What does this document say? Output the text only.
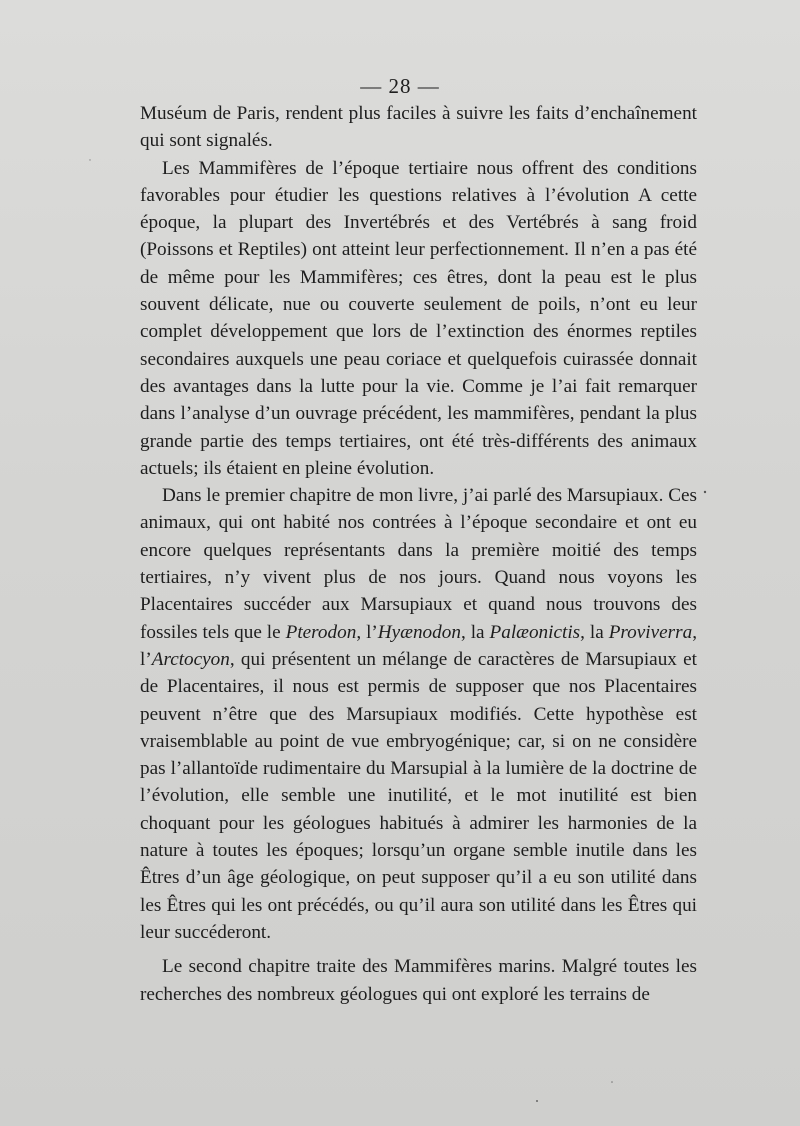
— 28 —

Muséum de Paris, rendent plus faciles à suivre les faits d’enchaînement qui sont signalés.

Les Mammifères de l’époque tertiaire nous offrent des conditions favorables pour étudier les questions relatives à l’évolution A cette époque, la plupart des Invertébrés et des Vertébrés à sang froid (Poissons et Reptiles) ont atteint leur perfectionnement. Il n’en a pas été de même pour les Mammifères; ces êtres, dont la peau est le plus souvent délicate, nue ou couverte seulement de poils, n’ont eu leur complet développement que lors de l’extinction des énormes reptiles secondaires auxquels une peau coriace et quelquefois cuirassée donnait des avantages dans la lutte pour la vie. Comme je l’ai fait remarquer dans l’analyse d’un ouvrage précédent, les mammifères, pendant la plus grande partie des temps tertiaires, ont été très-différents des animaux actuels; ils étaient en pleine évolution.

Dans le premier chapitre de mon livre, j’ai parlé des Marsupiaux. Ces animaux, qui ont habité nos contrées à l’époque secondaire et ont eu encore quelques représentants dans la première moitié des temps tertiaires, n’y vivent plus de nos jours. Quand nous voyons les Placentaires succéder aux Marsupiaux et quand nous trouvons des fossiles tels que le Pterodon, l’Hyænodon, la Palæonictis, la Proviverra, l’Arctocyon, qui présentent un mélange de caractères de Marsupiaux et de Placentaires, il nous est permis de supposer que nos Placentaires peuvent n’être que des Marsupiaux modifiés. Cette hypothèse est vraisemblable au point de vue embryogénique; car, si on ne considère pas l’allantoïde rudimentaire du Marsupial à la lumière de la doctrine de l’évolution, elle semble une inutilité, et le mot inutilité est bien choquant pour les géologues habitués à admirer les harmonies de la nature à toutes les époques; lorsqu’un organe semble inutile dans les Êtres d’un âge géologique, on peut supposer qu’il a eu son utilité dans les Êtres qui les ont précédés, ou qu’il aura son utilité dans les Êtres qui leur succéderont.

Le second chapitre traite des Mammifères marins. Malgré toutes les recherches des nombreux géologues qui ont exploré les terrains de
